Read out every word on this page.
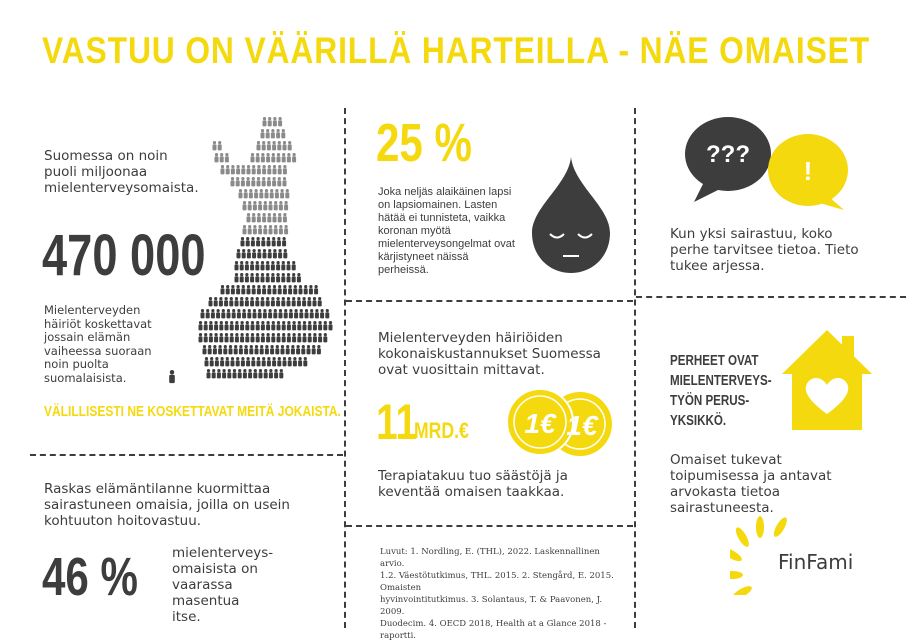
VASTUU ON VÄÄRILLÄ HARTEILLA - NÄE OMAISET
Suomessa on noin puoli miljoonaa mielenterveysomaista.
470 000
Mielenterveyden häiriöt koskettavat jossain elämän vaiheessa suoraan noin puolta suomalaisista.
VÄLILLISESTI NE KOSKETTAVAT MEITÄ JOKAISTA.
25 %
Joka neljäs alaikäinen lapsi on lapsiomainen. Lasten hätää ei tunnisteta, vaikka koronan myötä mielenterveysongelmat ovat kärjistyneet näissä perheissä.
???
!
Kun yksi sairastuu, koko perhe tarvitsee tietoa. Tieto tukee arjessa.
Mielenterveyden häiriöiden kokonaiskustannukset Suomessa ovat vuosittain mittavat.
11
MRD.€ 1€ 1€
Terapiatakuu tuo säästöjä ja keventää omaisen taakkaa.
PERHEET OVAT MIELENTERVEYS-TYÖN PERUS-YKSIKKÖ.
Omaiset tukevat toipumisessa ja antavat arvokasta tietoa sairastuneesta.
Raskas elämäntilanne kuormittaa sairastuneen omaisia, joilla on usein kohtuuton hoitovastuu.
46 %	mielenterveys-omaisista on vaarassa masentua itse.
Luvut: 1. Nordling, E. (THL), 2022. Laskennallinen arvio.
1.2. Väestötutkimus, THL. 2015. 2. Stengård, E. 2015. Omaisten
hyvinvointitutkimus. 3. Solantaus, T. & Paavonen, J. 2009.
Duodecim. 4. OECD 2018, Health at a Glance 2018 -raportti.
FinFami
